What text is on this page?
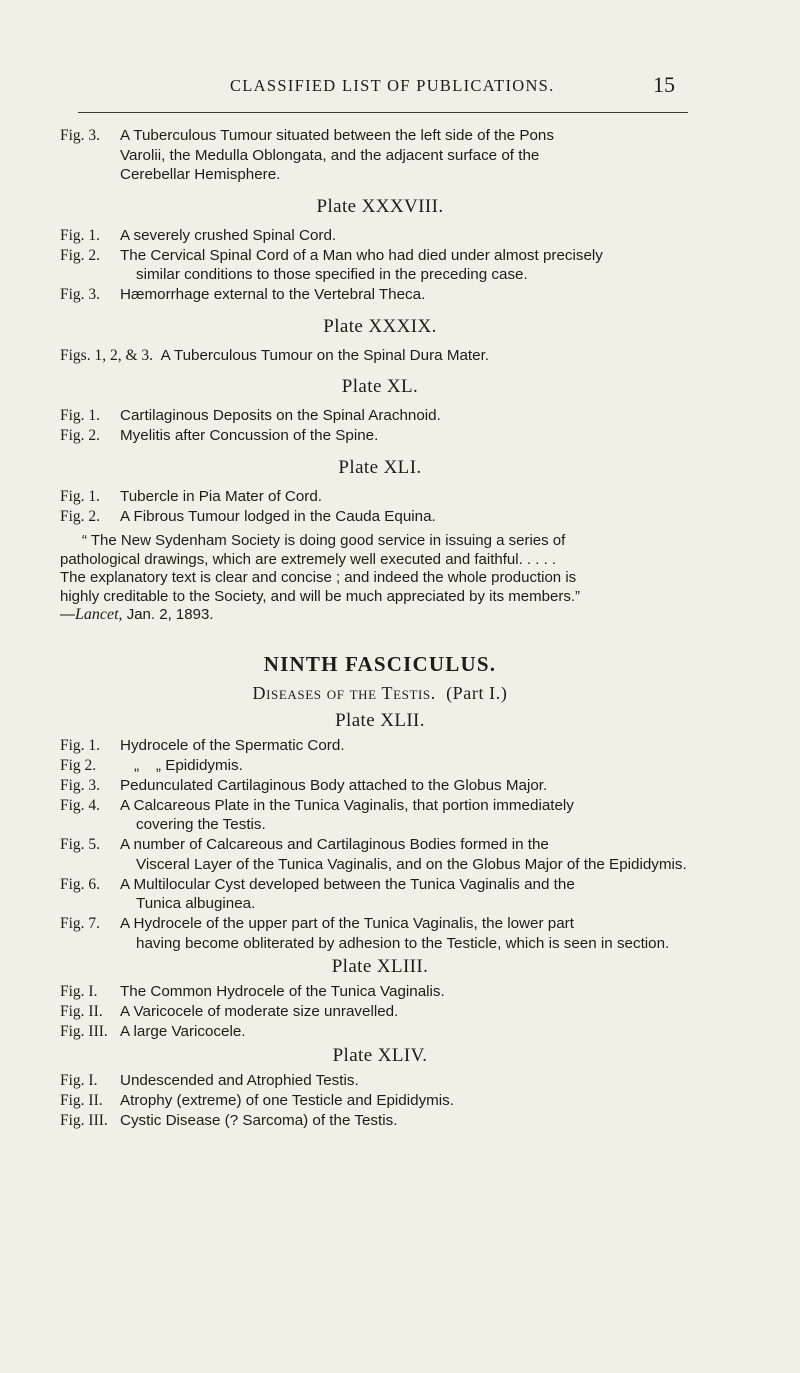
CLASSIFIED LIST OF PUBLICATIONS.	15
Fig. 3. A Tuberculous Tumour situated between the left side of the Pons
Varolii, the Medulla Oblongata, and the adjacent surface of the
Cerebellar Hemisphere.
Plate XXXVIII.
Fig. 1. A severely crushed Spinal Cord.
Fig. 2. The Cervical Spinal Cord of a Man who had died under almost precisely
similar conditions to those specified in the preceding case.
Fig. 3. Hæmorrhage external to the Vertebral Theca.
Plate XXXIX.
Figs. 1, 2, & 3. A Tuberculous Tumour on the Spinal Dura Mater.
Plate XL.
Fig. 1. Cartilaginous Deposits on the Spinal Arachnoid.
Fig. 2. Myelitis after Concussion of the Spine.
Plate XLI.
Fig. 1. Tubercle in Pia Mater of Cord.
Fig. 2. A Fibrous Tumour lodged in the Cauda Equina.
“ The New Sydenham Society is doing good service in issuing a series of
pathological drawings, which are extremely well executed and faithful. . . . .
The explanatory text is clear and concise ; and indeed the whole production is
highly creditable to the Society, and will be much appreciated by its members.”
—Lancet, Jan. 2, 1893.
NINTH FASCICULUS.
Diseases of the Testis. (Part I.)
Plate XLII.
Fig. 1. Hydrocele of the Spermatic Cord.
Fig 2.	„    „ Epididymis.
Fig. 3. Pedunculated Cartilaginous Body attached to the Globus Major.
Fig. 4. A Calcareous Plate in the Tunica Vaginalis, that portion immediately
covering the Testis.
Fig. 5. A number of Calcareous and Cartilaginous Bodies formed in the
Visceral Layer of the Tunica Vaginalis, and on the Globus Major of the Epididymis.
Fig. 6. A Multilocular Cyst developed between the Tunica Vaginalis and the
Tunica albuginea.
Fig. 7. A Hydrocele of the upper part of the Tunica Vaginalis, the lower part
having become obliterated by adhesion to the Testicle, which is seen in section.
Plate XLIII.
Fig. I. The Common Hydrocele of the Tunica Vaginalis.
Fig. II. A Varicocele of moderate size unravelled.
Fig. III. A large Varicocele.
Plate XLIV.
Fig. I. Undescended and Atrophied Testis.
Fig. II. Atrophy (extreme) of one Testicle and Epididymis.
Fig. III. Cystic Disease (? Sarcoma) of the Testis.
